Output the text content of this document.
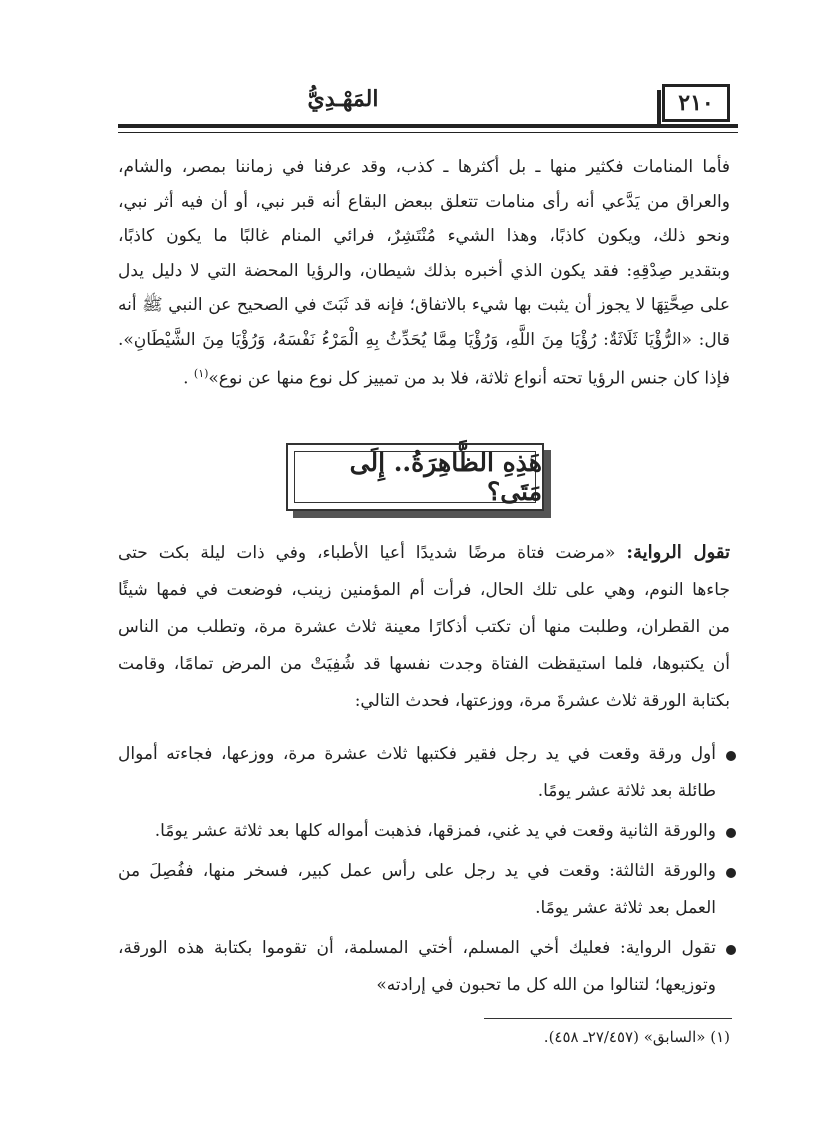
٢١٠
المَهْـدِيُّ
فأما المنامات فكثير منها ـ بل أكثرها ـ كذب، وقد عرفنا في زماننا بمصر، والشام،
والعراق من يَدَّعي أنه رأى منامات تتعلق ببعض البقاع أنه قبر نبي، أو أن فيه أثر نبي،
ونحو ذلك، ويكون كاذبًا، وهذا الشيء مُنْتَشِرٌ، فرائي المنام غالبًا ما يكون كاذبًا،
وبتقدير صِدْقِهِ: فقد يكون الذي أخبره بذلك شيطان، والرؤيا المحضة التي لا دليل يدل
على صِحَّتِهَا لا يجوز أن يثبت بها شيء بالاتفاق؛ فإنه قد ثَبَتَ في الصحيح عن النبي ﷺ أنه
قال: «الرُّؤْيَا ثَلَاثَةٌ: رُؤْيَا مِنَ اللَّهِ، وَرُؤْيَا مِمَّا يُحَدِّثُ بِهِ الْمَرْءُ نَفْسَهُ، وَرُؤْيَا مِنَ الشَّيْطَانِ».
فإذا كان جنس الرؤيا تحته أنواع ثلاثة، فلا بد من تمييز كل نوع منها عن نوع»$^{(١)}$ .
هَذِهِ الظَّاهِرَةُ.. إِلَى مَتَى؟
تقول الرواية: «مرضت فتاة مرضًا شديدًا أعيا الأطباء، وفي ذات ليلة بكت حتى
جاءها النوم، وهي على تلك الحال، فرأت أم المؤمنين زينب، فوضعت في فمها شيئًا
من القطران، وطلبت منها أن تكتب أذكارًا معينة ثلاث عشرة مرة، وتطلب من الناس
أن يكتبوها، فلما استيقظت الفتاة وجدت نفسها قد شُفِيَتْ من المرض تمامًا، وقامت
بكتابة الورقة ثلاث عشرةَ مرة، ووزعتها، فحدث التالي:
أول ورقة وقعت في يد رجل فقير فكتبها ثلاث عشرة مرة، ووزعها، فجاءته أموال
طائلة بعد ثلاثة عشر يومًا.
والورقة الثانية وقعت في يد غني، فمزقها، فذهبت أمواله كلها بعد ثلاثة عشر يومًا.
والورقة الثالثة: وقعت في يد رجل على رأس عمل كبير، فسخر منها، ففُصِلَ من
العمل بعد ثلاثة عشر يومًا.
تقول الرواية: فعليك أخي المسلم، أختي المسلمة، أن تقوموا بكتابة هذه الورقة،
وتوزيعها؛ لتنالوا من الله كل ما تحبون في إرادته»
(١) «السابق» (٢٧/٤٥٧ـ ٤٥٨).
